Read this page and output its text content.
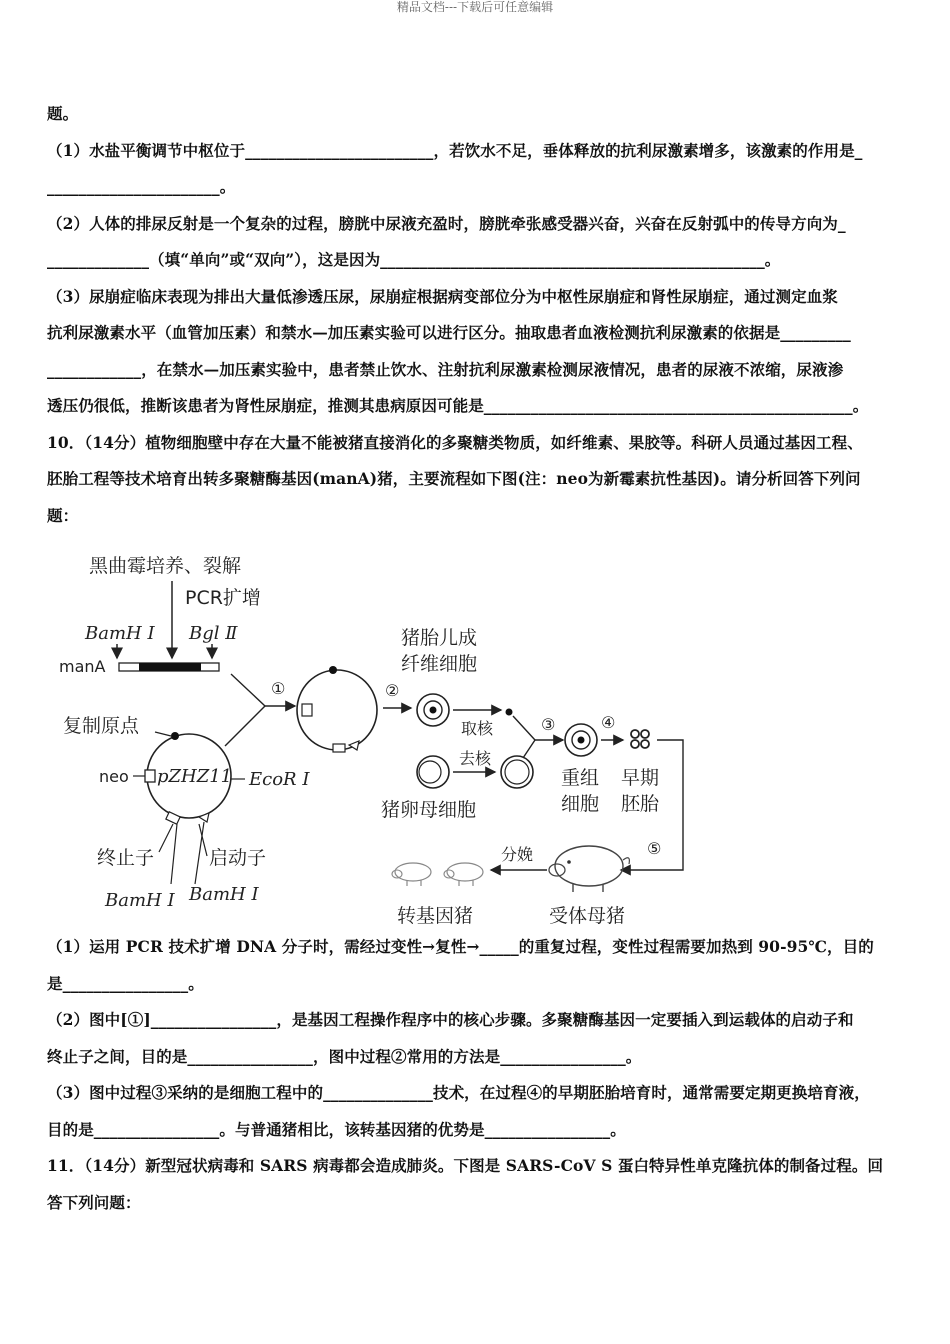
精品文档---下载后可任意编辑

题。

（1）水盐平衡调节中枢位于________________________，若饮水不足，垂体释放的抗利尿激素增多，该激素的作用是_

______________________。

（2）人体的排尿反射是一个复杂的过程，膀胱中尿液充盈时，膀胱牵张感受器兴奋，兴奋在反射弧中的传导方向为_

_____________（填“单向”或“双向”），这是因为_________________________________________________。

（3）尿崩症临床表现为排出大量低渗透压尿，尿崩症根据病变部位分为中枢性尿崩症和肾性尿崩症，通过测定血浆

抗利尿激素水平（血管加压素）和禁水—加压素实验可以进行区分。抽取患者血液检测抗利尿激素的依据是_________

____________，在禁水—加压素实验中，患者禁止饮水、注射抗利尿激素检测尿液情况，患者的尿液不浓缩，尿液渗

透压仍很低，推断该患者为肾性尿崩症，推测其患病原因可能是_______________________________________________。

10．（14分）植物细胞壁中存在大量不能被猪直接消化的多聚糖类物质，如纤维素、果胶等。科研人员通过基因工程、

胚胎工程等技术培育出转多聚糖酶基因(manA)猪，主要流程如下图(注：neo为新霉素抗性基因)。请分析回答下列问

题：

黑曲霉培养、裂解
PCR扩增
BamH Ⅰ Bgl Ⅱ
manA
复制原点
neo pZHZ11 EcoR Ⅰ
终止子	启动子
BamH Ⅰ BamH Ⅰ
①	②
猪胎儿成
纤维细胞
取核
去核
猪卵母细胞
③
重组
细胞
④
早期
胚胎
⑤
受体母猪
分娩
转基因猪

（1）运用 PCR 技术扩增 DNA 分子时，需经过变性→复性→_____的重复过程，变性过程需要加热到 90-95℃，目的

是________________。

（2）图中[①]________________，是基因工程操作程序中的核心步骤。多聚糖酶基因一定要插入到运载体的启动子和

终止子之间，目的是________________，图中过程②常用的方法是________________。

（3）图中过程③采纳的是细胞工程中的______________技术，在过程④的早期胚胎培育时，通常需要定期更换培育液，

目的是________________。与普通猪相比，该转基因猪的优势是________________。

11．（14分）新型冠状病毒和 SARS 病毒都会造成肺炎。下图是 SARS-CoV S 蛋白特异性单克隆抗体的制备过程。回

答下列问题：
